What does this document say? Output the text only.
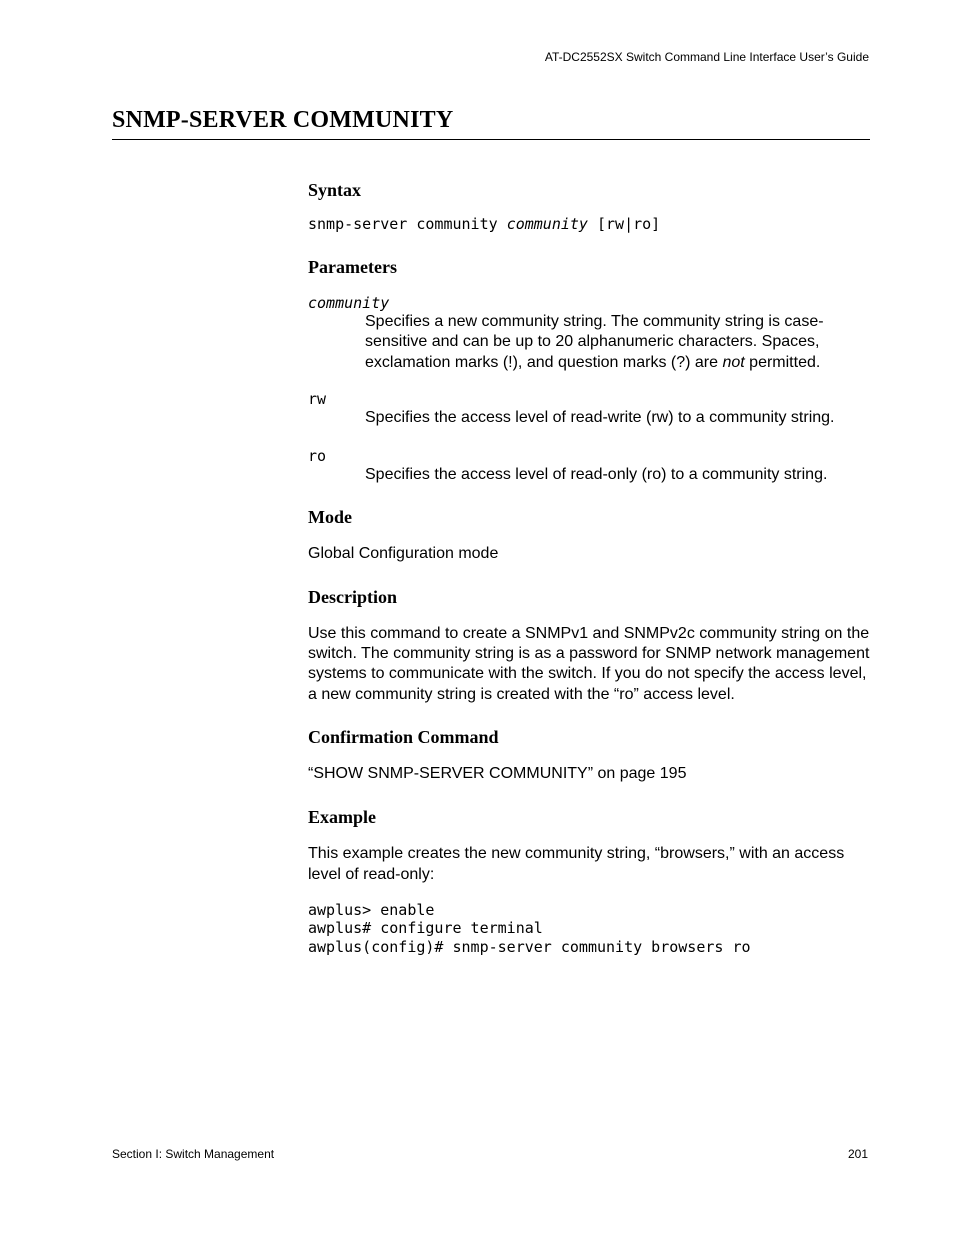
AT-DC2552SX Switch Command Line Interface User’s Guide
SNMP-SERVER COMMUNITY
Syntax

snmp-server community community [rw|ro]

Parameters
community

Specifies a new community string. The community string is case-sensitive and can be up to 20 alphanumeric characters. Spaces, exclamation marks (!), and question marks (?) are not permitted.

rw

Specifies the access level of read-write (rw) to a community string.

ro

Specifies the access level of read-only (ro) to a community string.

Mode

Global Configuration mode

Description

Use this command to create a SNMPv1 and SNMPv2c community string on the switch. The community string is as a password for SNMP network management systems to communicate with the switch. If you do not specify the access level, a new community string is created with the “ro” access level.

Confirmation Command

“SHOW SNMP-SERVER COMMUNITY” on page 195

Example

This example creates the new community string, “browsers,” with an access level of read-only:

awplus> enable
awplus# configure terminal
awplus(config)# snmp-server community browsers ro
Section I: Switch Management	201
